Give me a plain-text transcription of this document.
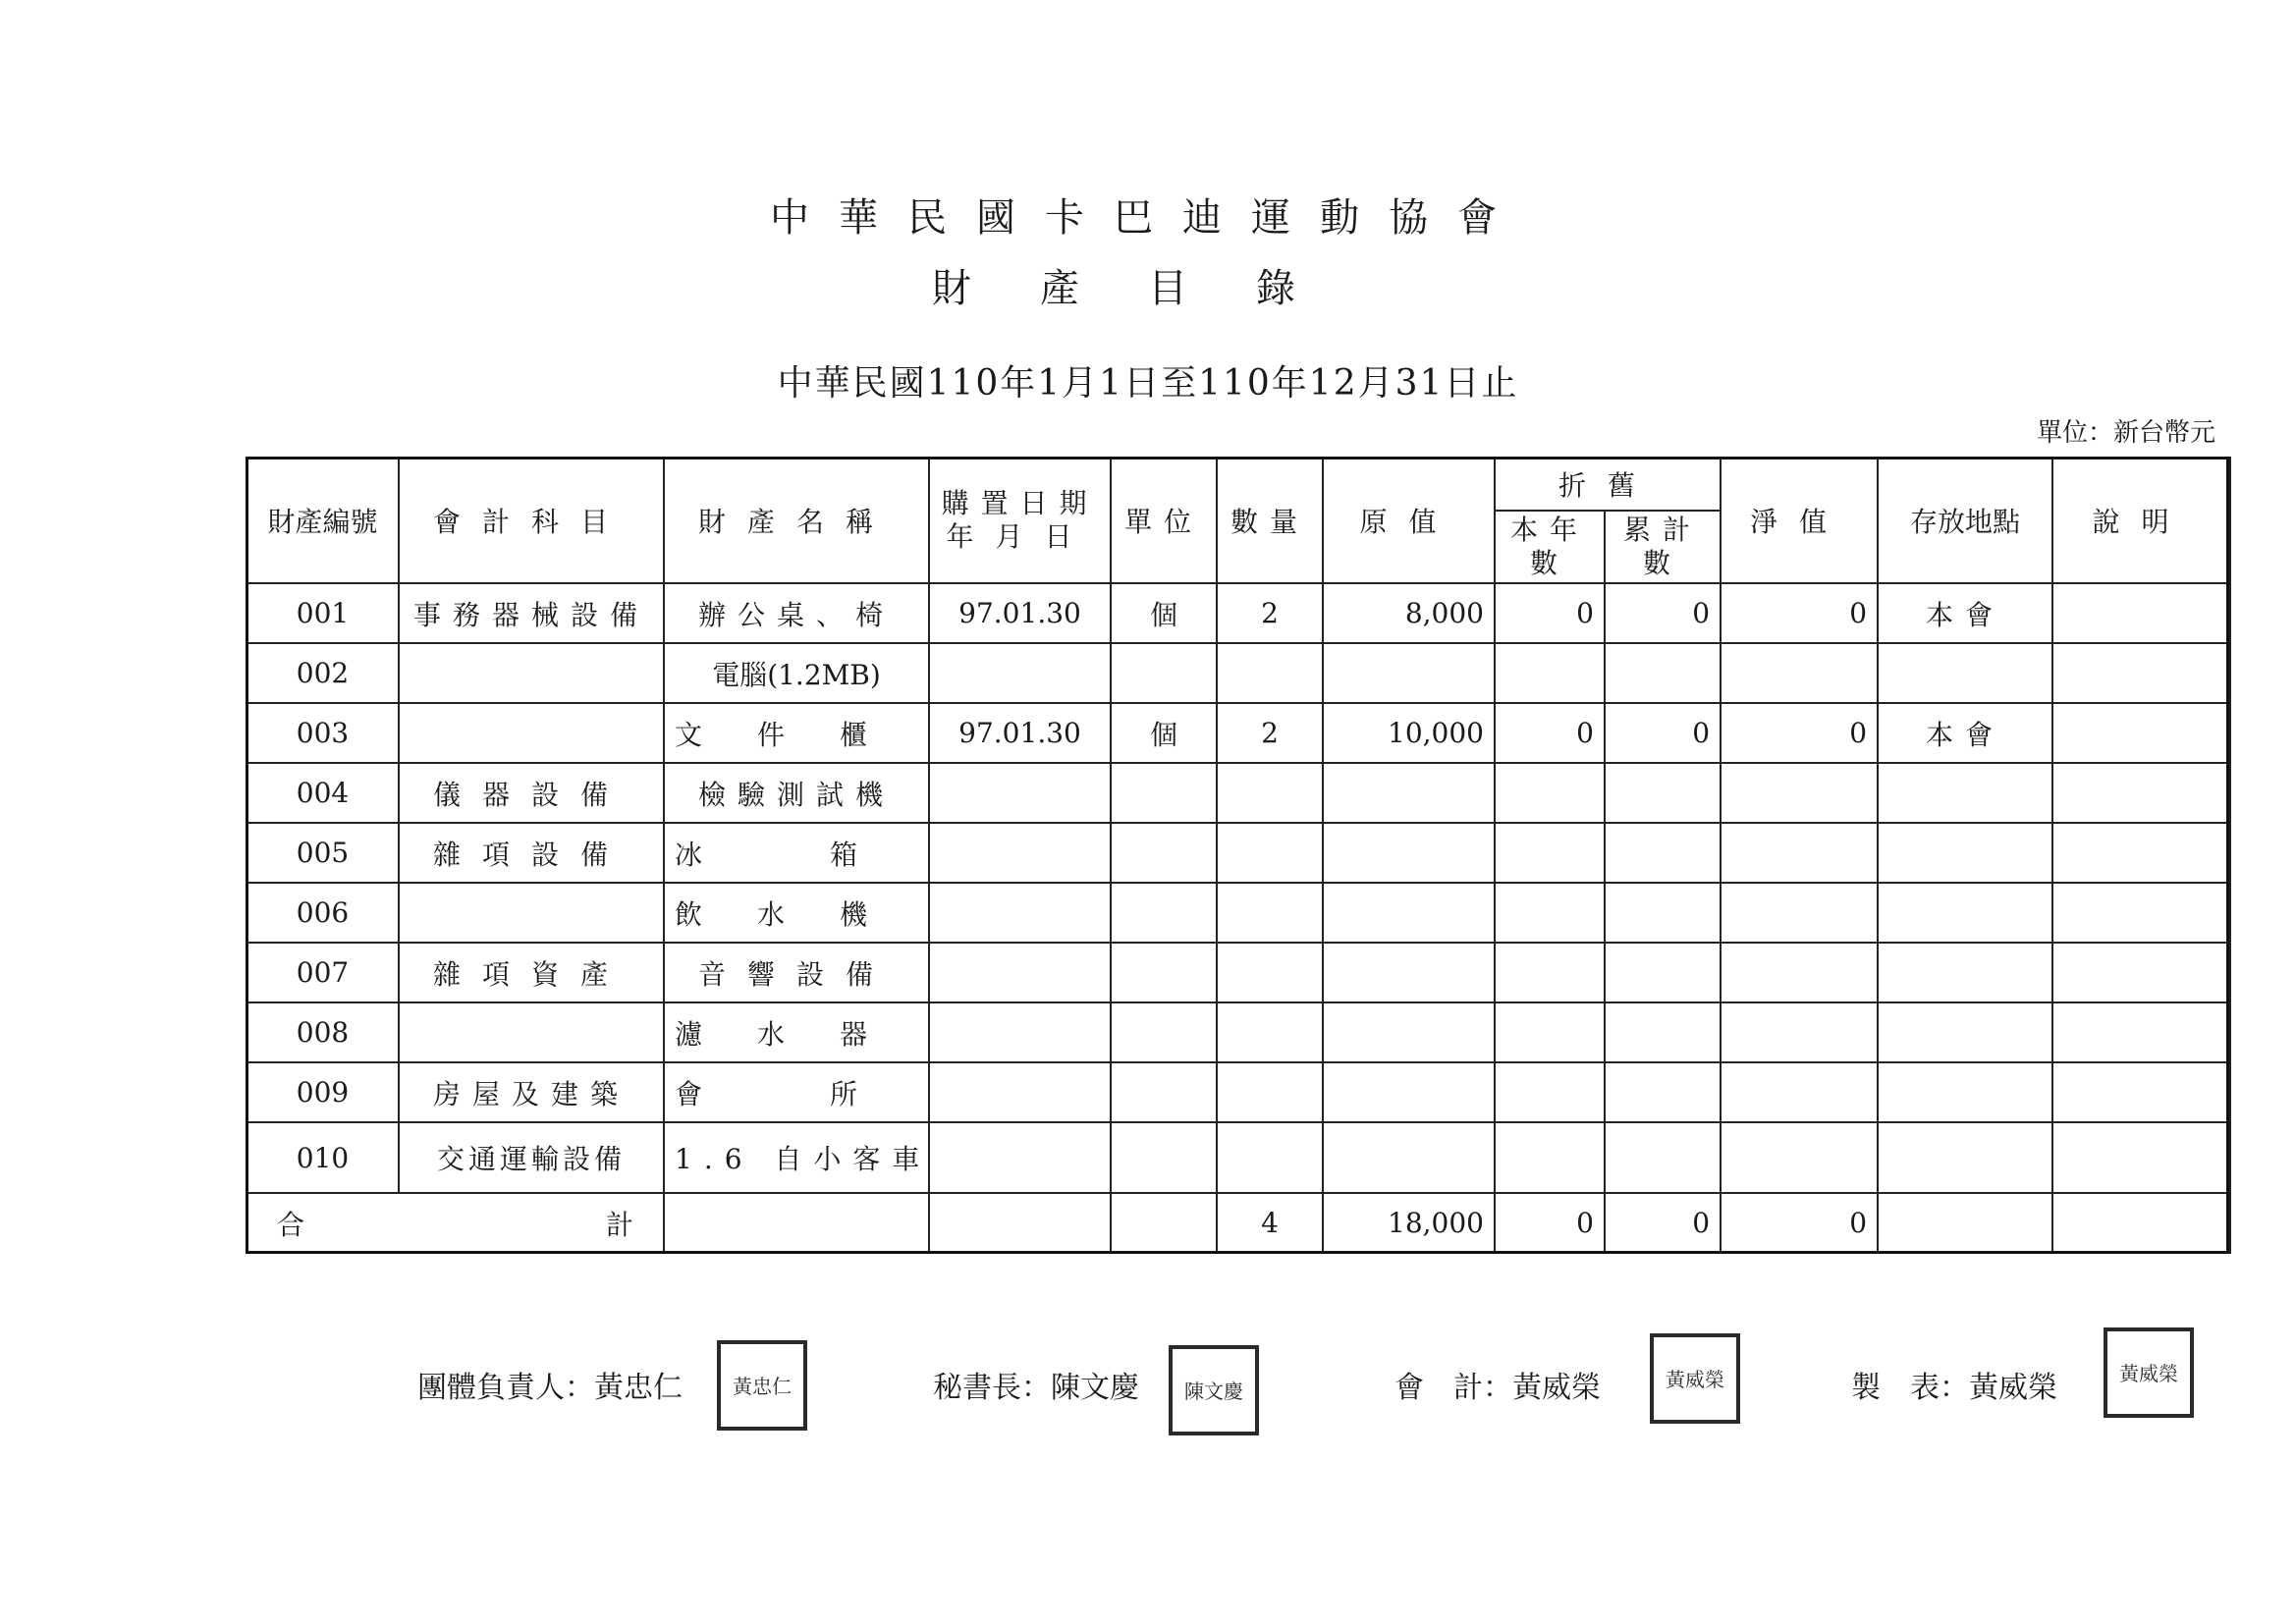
中華民國卡巴迪運動協會
財產目錄
中華民國110年1月1日至110年12月31日止
單位：新台幣元
財產編號	會計科目	財產名稱	購置日期
年月日	單位	數量	原值	折舊		淨值	存放地點	說明
							本年數	累計數			
001	事務器械設備	辦公桌、椅	97.01.30	個	2	8,000	0	0	0	本會	
002		電腦(1.2MB)									
003		文件櫃	97.01.30	個	2	10,000	0	0	0	本會	
004	儀器設備	檢驗測試機									
005	雜項設備	冰箱									
006		飲水機									
007	雜項資產	音響設備									
008		濾水器									
009	房屋及建築	會所									
010	交通運輸設備	1.6 自小客車									

合 計					4	18,000	0	0	0		
團體負責人：黃忠仁	黃忠仁	秘書長：陳文慶 陳文慶	會　計：黃威榮	黃威榮	製　表：黃威榮	黃威榮
